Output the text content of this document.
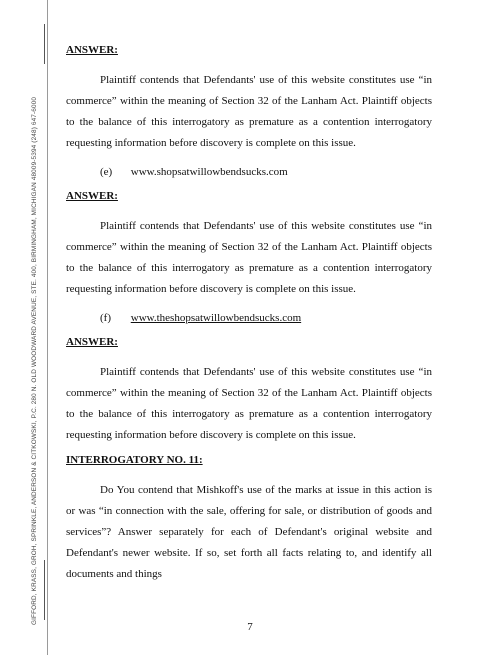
GIFFORD, KRASS, GROH, SPRINKLE, ANDERSON & CITKOWSKI, P.C. 280 N. OLD WOODWARD AVENUE, STE. 400, BIRMINGHAM, MICHIGAN 48009-5394 (248) 647-6000

ANSWER:

Plaintiff contends that Defendants' use of this website constitutes use “in commerce” within the meaning of Section 32 of the Lanham Act. Plaintiff objects to the balance of this interrogatory as premature as a contention interrogatory requesting information before discovery is complete on this issue.

(e) www.shopsatwillowbendsucks.com

ANSWER:

Plaintiff contends that Defendants' use of this website constitutes use “in commerce” within the meaning of Section 32 of the Lanham Act. Plaintiff objects to the balance of this interrogatory as premature as a contention interrogatory requesting information before discovery is complete on this issue.

(f) www.theshopsatwillowbendsucks.com

ANSWER:

Plaintiff contends that Defendants' use of this website constitutes use “in commerce” within the meaning of Section 32 of the Lanham Act. Plaintiff objects to the balance of this interrogatory as premature as a contention interrogatory requesting information before discovery is complete on this issue.

INTERROGATORY NO. 11:

Do You contend that Mishkoff's use of the marks at issue in this action is or was “in connection with the sale, offering for sale, or distribution of goods and services”? Answer separately for each of Defendant's original website and Defendant's newer website. If so, set forth all facts relating to, and identify all documents and things

7
